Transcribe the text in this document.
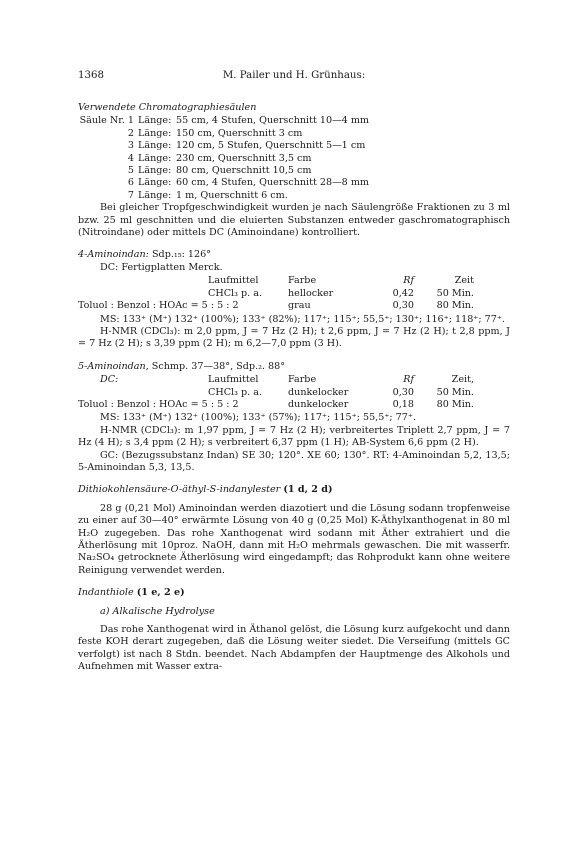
1368	M. Pailer und H. Grünhaus:
Verwendete Chromatographiesäulen
Säule Nr. 1 Länge: 55 cm, 4 Stufen, Querschnitt 10—4 mm
2 Länge: 150 cm, Querschnitt 3 cm
3 Länge: 120 cm, 5 Stufen, Querschnitt 5—1 cm
4 Länge: 230 cm, Querschnitt 3,5 cm
5 Länge: 80 cm, Querschnitt 10,5 cm
6 Länge: 60 cm, 4 Stufen, Querschnitt 28—8 mm
7 Länge: 1 m, Querschnitt 6 cm.

Bei gleicher Tropfgeschwindigkeit wurden je nach Säulengröße Fraktionen zu 3 ml bzw. 25 ml geschnitten und die eluierten Substanzen entweder gaschromatographisch (Nitroindane) oder mittels DC (Aminoindane) kontrolliert.

4-Aminoindan: Sdp.₁₅: 126°
DC: Fertigplatten Merck.
Laufmittel	Farbe	Rf	Zeit
CHCl₃ p. a.	hellocker	0,42	50 Min.
Toluol : Benzol : HOAc = 5 : 5 : 2	grau	0,30	80 Min.

MS: 133⁺ (M⁺) 132⁺ (100%); 133⁺ (82%); 117⁺; 115⁺; 55,5⁺; 130⁺; 116⁺; 118⁺; 77⁺.

H-NMR (CDCl₃): m 2,0 ppm, J = 7 Hz (2 H); t 2,6 ppm, J = 7 Hz (2 H); t 2,8 ppm, J = 7 Hz (2 H); s 3,39 ppm (2 H); m 6,2—7,0 ppm (3 H).

5-Aminoindan, Schmp. 37—38°, Sdp.₂. 88°
DC:	Laufmittel	Farbe	Rf	Zeit,
CHCl₃ p. a.	dunkelocker	0,30	50 Min.
Toluol : Benzol : HOAc = 5 : 5 : 2	dunkelocker	0,18	80 Min.

MS: 133⁺ (M⁺) 132⁺ (100%); 133⁺ (57%); 117⁺; 115⁺; 55,5⁺; 77⁺.

H-NMR (CDCl₃): m 1,97 ppm, J = 7 Hz (2 H); verbreitertes Triplett 2,7 ppm, J = 7 Hz (4 H); s 3,4 ppm (2 H); s verbreitert 6,37 ppm (1 H); AB-System 6,6 ppm (2 H).

GC: (Bezugssubstanz Indan) SE 30; 120°. XE 60; 130°. RT: 4-Aminoindan 5,2, 13,5; 5-Aminoindan 5,3, 13,5.

Dithiokohlensäure-O-äthyl-S-indanylester (1 d, 2 d)

28 g (0,21 Mol) Aminoindan werden diazotiert und die Lösung sodann tropfenweise zu einer auf 30—40° erwärmte Lösung von 40 g (0,25 Mol) K-Äthylxanthogenat in 80 ml H₂O zugegeben. Das rohe Xanthogenat wird sodann mit Äther extrahiert und die Ätherlösung mit 10proz. NaOH, dann mit H₂O mehrmals gewaschen. Die mit wasserfr. Na₂SO₄ getrocknete Ätherlösung wird eingedampft; das Rohprodukt kann ohne weitere Reinigung verwendet werden.

Indanthiole (1 e, 2 e)
a) Alkalische Hydrolyse

Das rohe Xanthogenat wird in Äthanol gelöst, die Lösung kurz aufgekocht und dann feste KOH derart zugegeben, daß die Lösung weiter siedet. Die Verseifung (mittels GC verfolgt) ist nach 8 Stdn. beendet. Nach Abdampfen der Hauptmenge des Alkohols und Aufnehmen mit Wasser extra-
